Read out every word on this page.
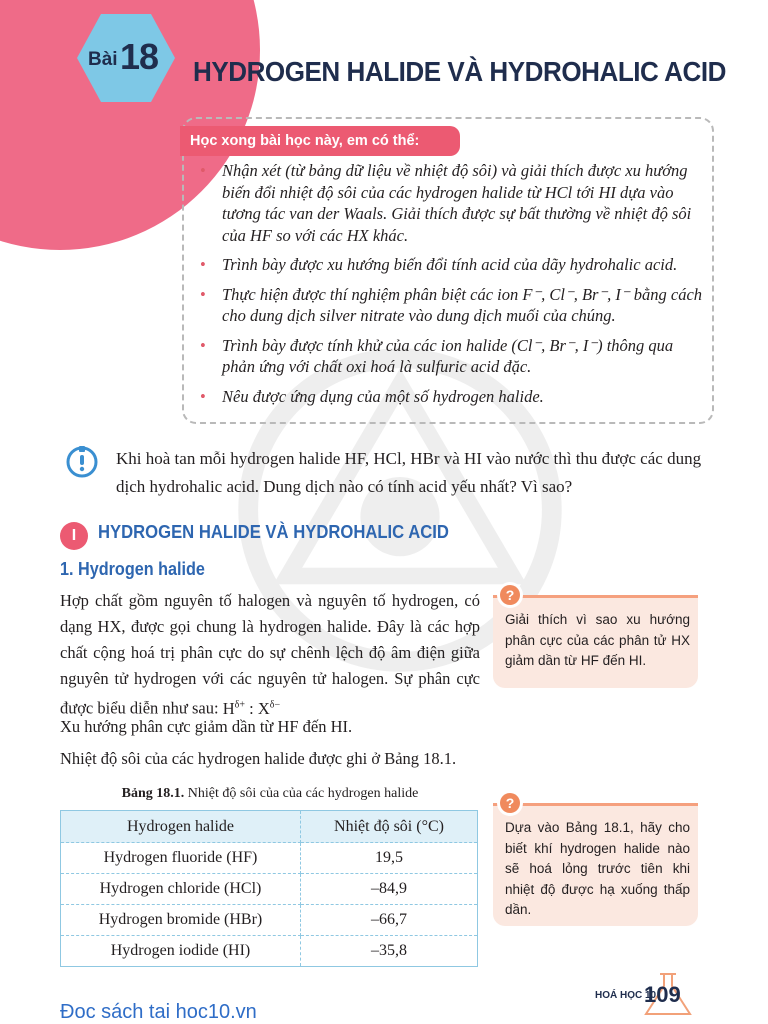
Bài 18 HYDROGEN HALIDE VÀ HYDROHALIC ACID
Học xong bài học này, em có thể:
• Nhận xét (từ bảng dữ liệu về nhiệt độ sôi) và giải thích được xu hướng biến đổi nhiệt độ sôi của các hydrogen halide từ HCl tới HI dựa vào tương tác van der Waals. Giải thích được sự bất thường về nhiệt độ sôi của HF so với các HX khác.
• Trình bày được xu hướng biến đổi tính acid của dãy hydrohalic acid.
• Thực hiện được thí nghiệm phân biệt các ion F⁻, Cl⁻, Br⁻, I⁻ bằng cách cho dung dịch silver nitrate vào dung dịch muối của chúng.
• Trình bày được tính khử của các ion halide (Cl⁻, Br⁻, I⁻) thông qua phản ứng với chất oxi hoá là sulfuric acid đặc.
• Nêu được ứng dụng của một số hydrogen halide.
Khi hoà tan mỗi hydrogen halide HF, HCl, HBr và HI vào nước thì thu được các dung dịch hydrohalic acid. Dung dịch nào có tính acid yếu nhất? Vì sao?
I	HYDROGEN HALIDE VÀ HYDROHALIC ACID
1. Hydrogen halide
Hợp chất gồm nguyên tố halogen và nguyên tố hydrogen, có dạng HX, được gọi chung là hydrogen halide. Đây là các hợp chất cộng hoá trị phân cực do sự chênh lệch độ âm điện giữa nguyên tử hydrogen với các nguyên tử halogen. Sự phân cực được biểu diễn như sau: $H^{\delta+}$ : $X^{\delta-}$
Xu hướng phân cực giảm dần từ HF đến HI.
Nhiệt độ sôi của các hydrogen halide được ghi ở Bảng 18.1.
Giải thích vì sao xu hướng phân cực của các phân tử HX giảm dần từ HF đến HI.
?
Dựa vào Bảng 18.1, hãy cho biết khí hydrogen halide nào sẽ hoá lỏng trước tiên khi nhiệt độ được hạ xuống thấp dần.
?
Bảng 18.1. Nhiệt độ sôi của của các hydrogen halide
Hydrogen halide	Nhiệt độ sôi (°C)
Hydrogen fluoride (HF)	19,5
Hydrogen chloride (HCl)	–84,9
Hydrogen bromide (HBr)	–66,7
Hydrogen iodide (HI)	–35,8
Đoc sách tai hoc10.vn
HOÁ HỌC 10
109
